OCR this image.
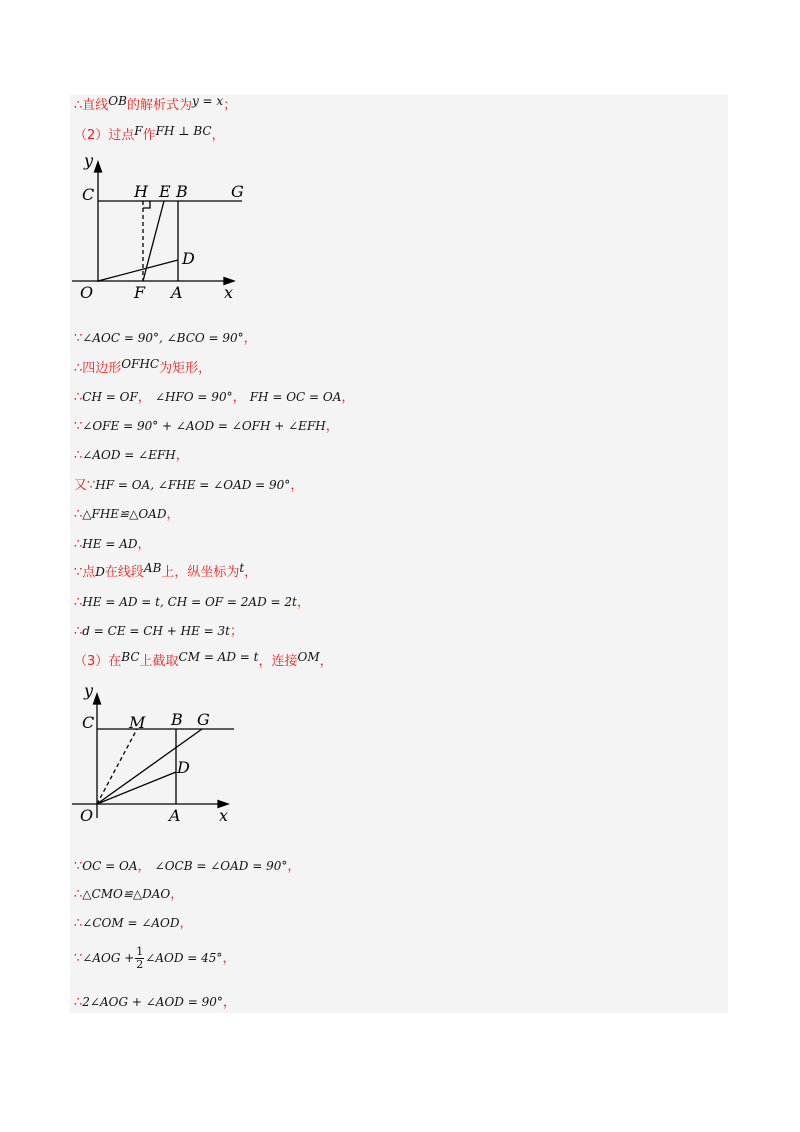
∴直线OB的解析式为y = x；
（2）过点F作FH ⊥ BC，
y
C H E B	G
D
O	F A	x
∵∠AOC = 90°, ∠BCO = 90°，
∴四边形OFHC为矩形，
∴CH = OF， ∠HFO = 90°， FH = OC = OA，
∵∠OFE = 90° + ∠AOD = ∠OFH + ∠EFH，
∴∠AOD = ∠EFH，
又∵HF = OA, ∠FHE = ∠OAD = 90°，
∴△FHE≌△OAD，
∴HE = AD，
∵点D在线段AB上，纵坐标为t，
∴HE = AD = t, CH = OF = 2AD = 2t，
∴d = CE = CH + HE = 3t；
（3）在BC上截取CM = AD = t，连接OM，
y
C M B G
D
O	A x
∵OC = OA， ∠OCB = ∠OAD = 90°，
∴△CMO≌△DAO，
∴∠COM = ∠AOD，
∵∠AOG + $\frac{1}{2}$ ∠AOD = 45°，
∴2∠AOG + ∠AOD = 90°，
